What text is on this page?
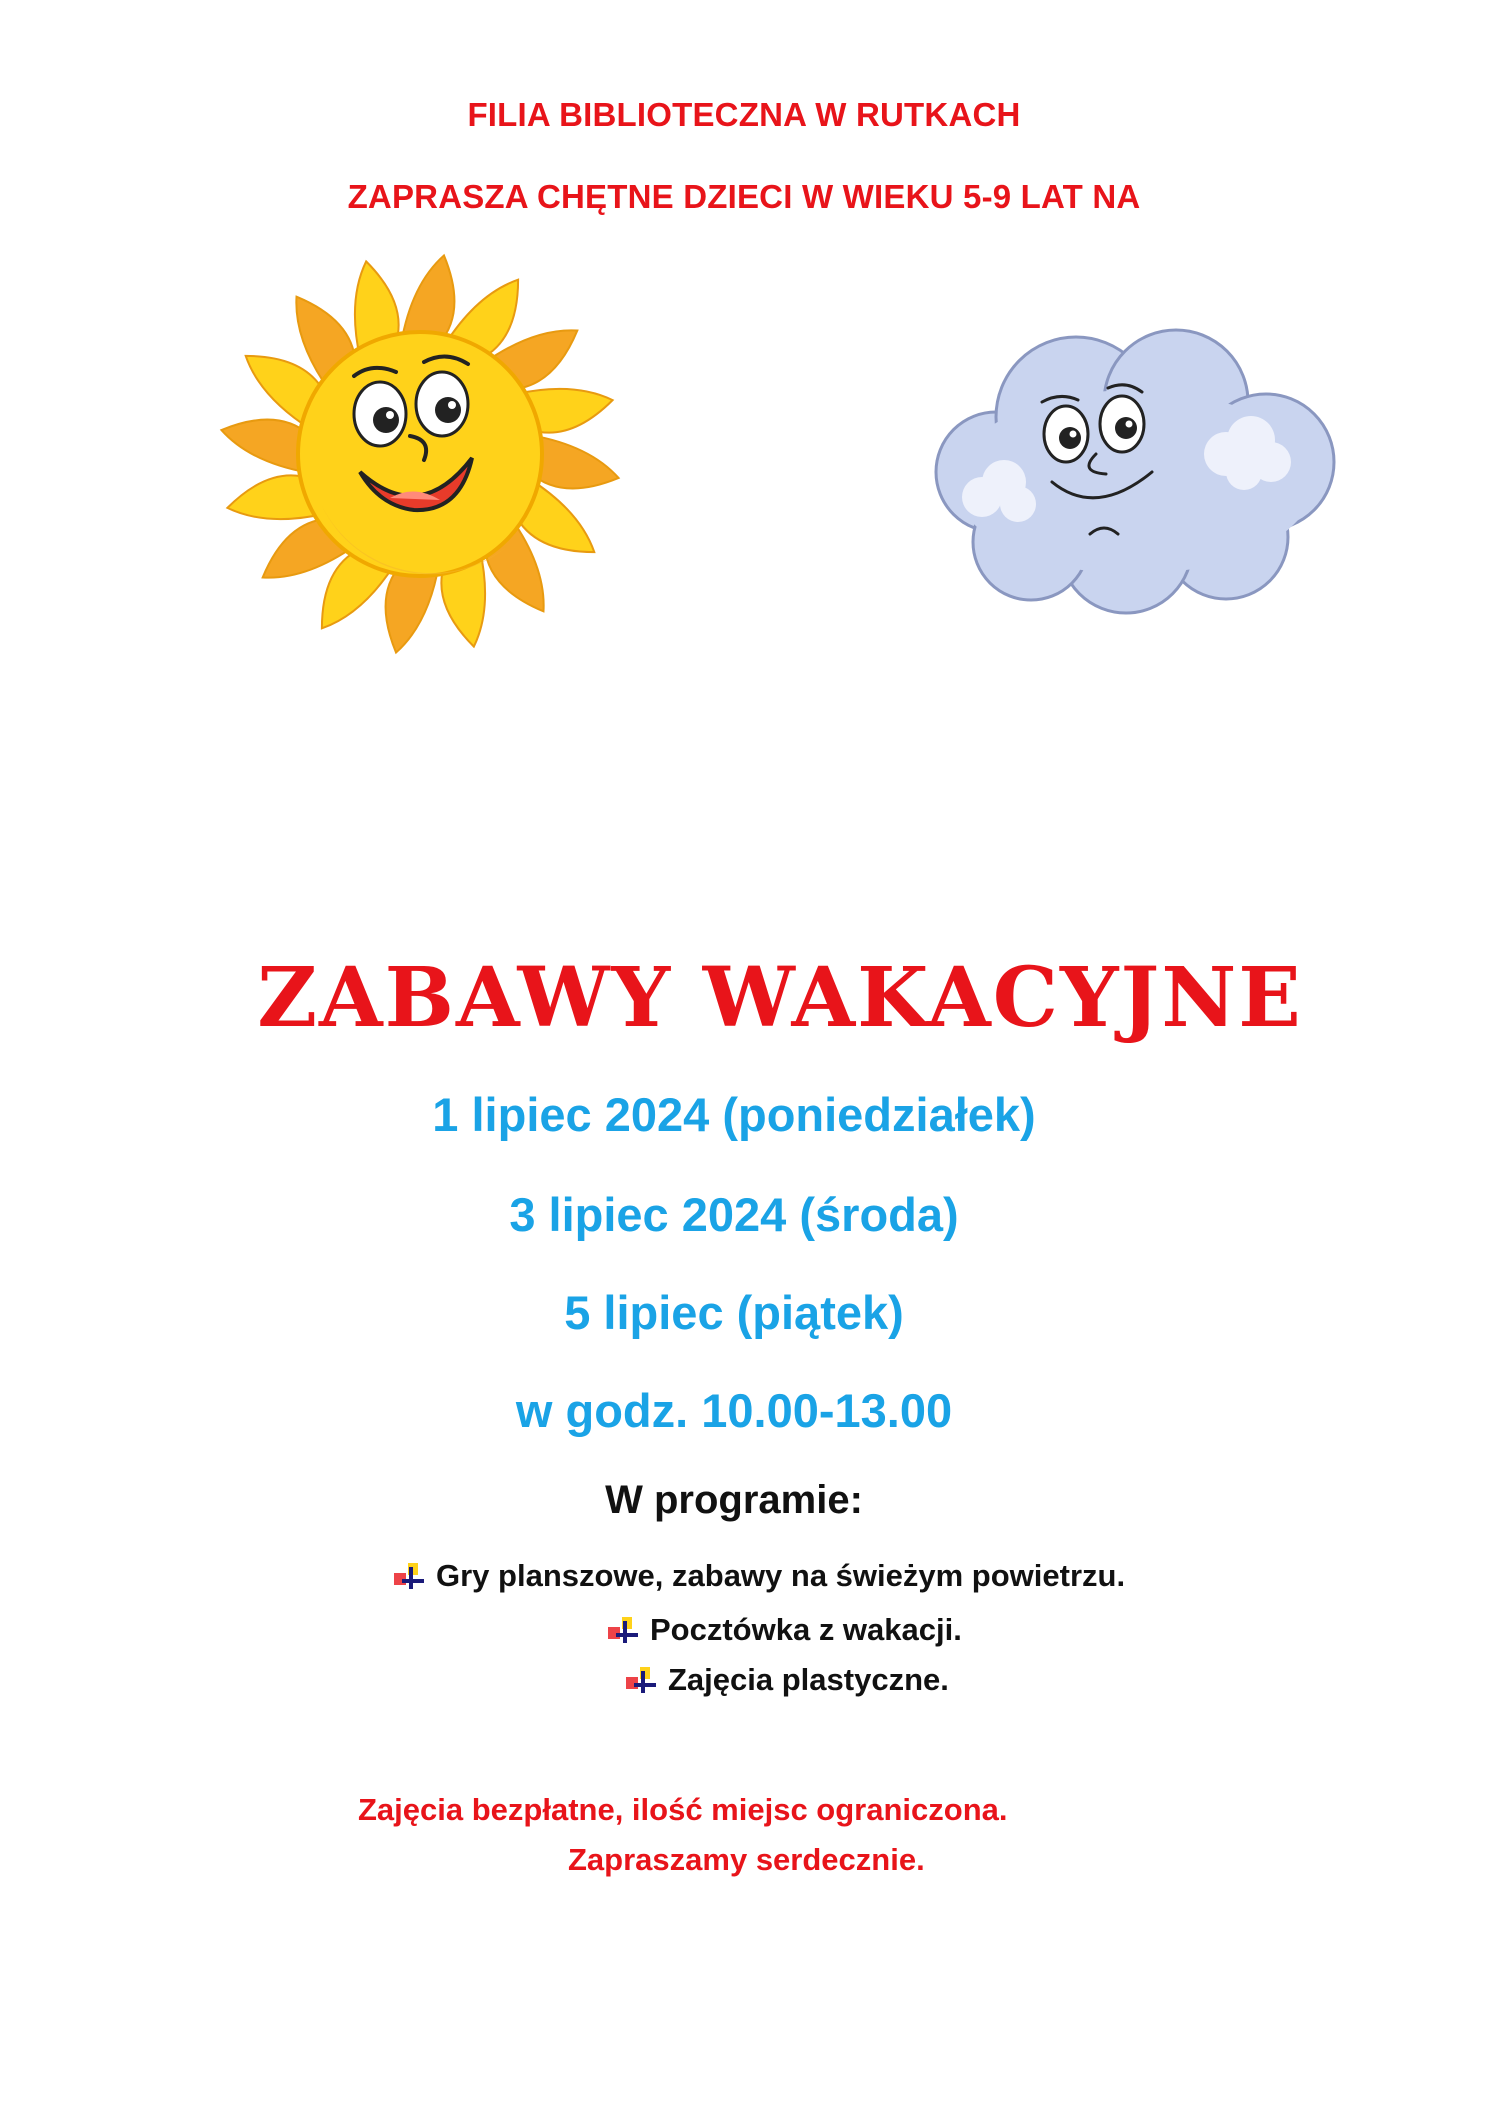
FILIA BIBLIOTECZNA W RUTKACH
ZAPRASZA CHĘTNE DZIECI W WIEKU 5-9 LAT NA
ZABAWY WAKACYJNE
1 lipiec 2024 (poniedziałek)
3 lipiec 2024 (środa)
5 lipiec (piątek)
w godz. 10.00-13.00
W programie:
Gry planszowe, zabawy na świeżym powietrzu.
Pocztówka z wakacji.
Zajęcia plastyczne.
Zajęcia bezpłatne, ilość miejsc ograniczona.
Zapraszamy serdecznie.
